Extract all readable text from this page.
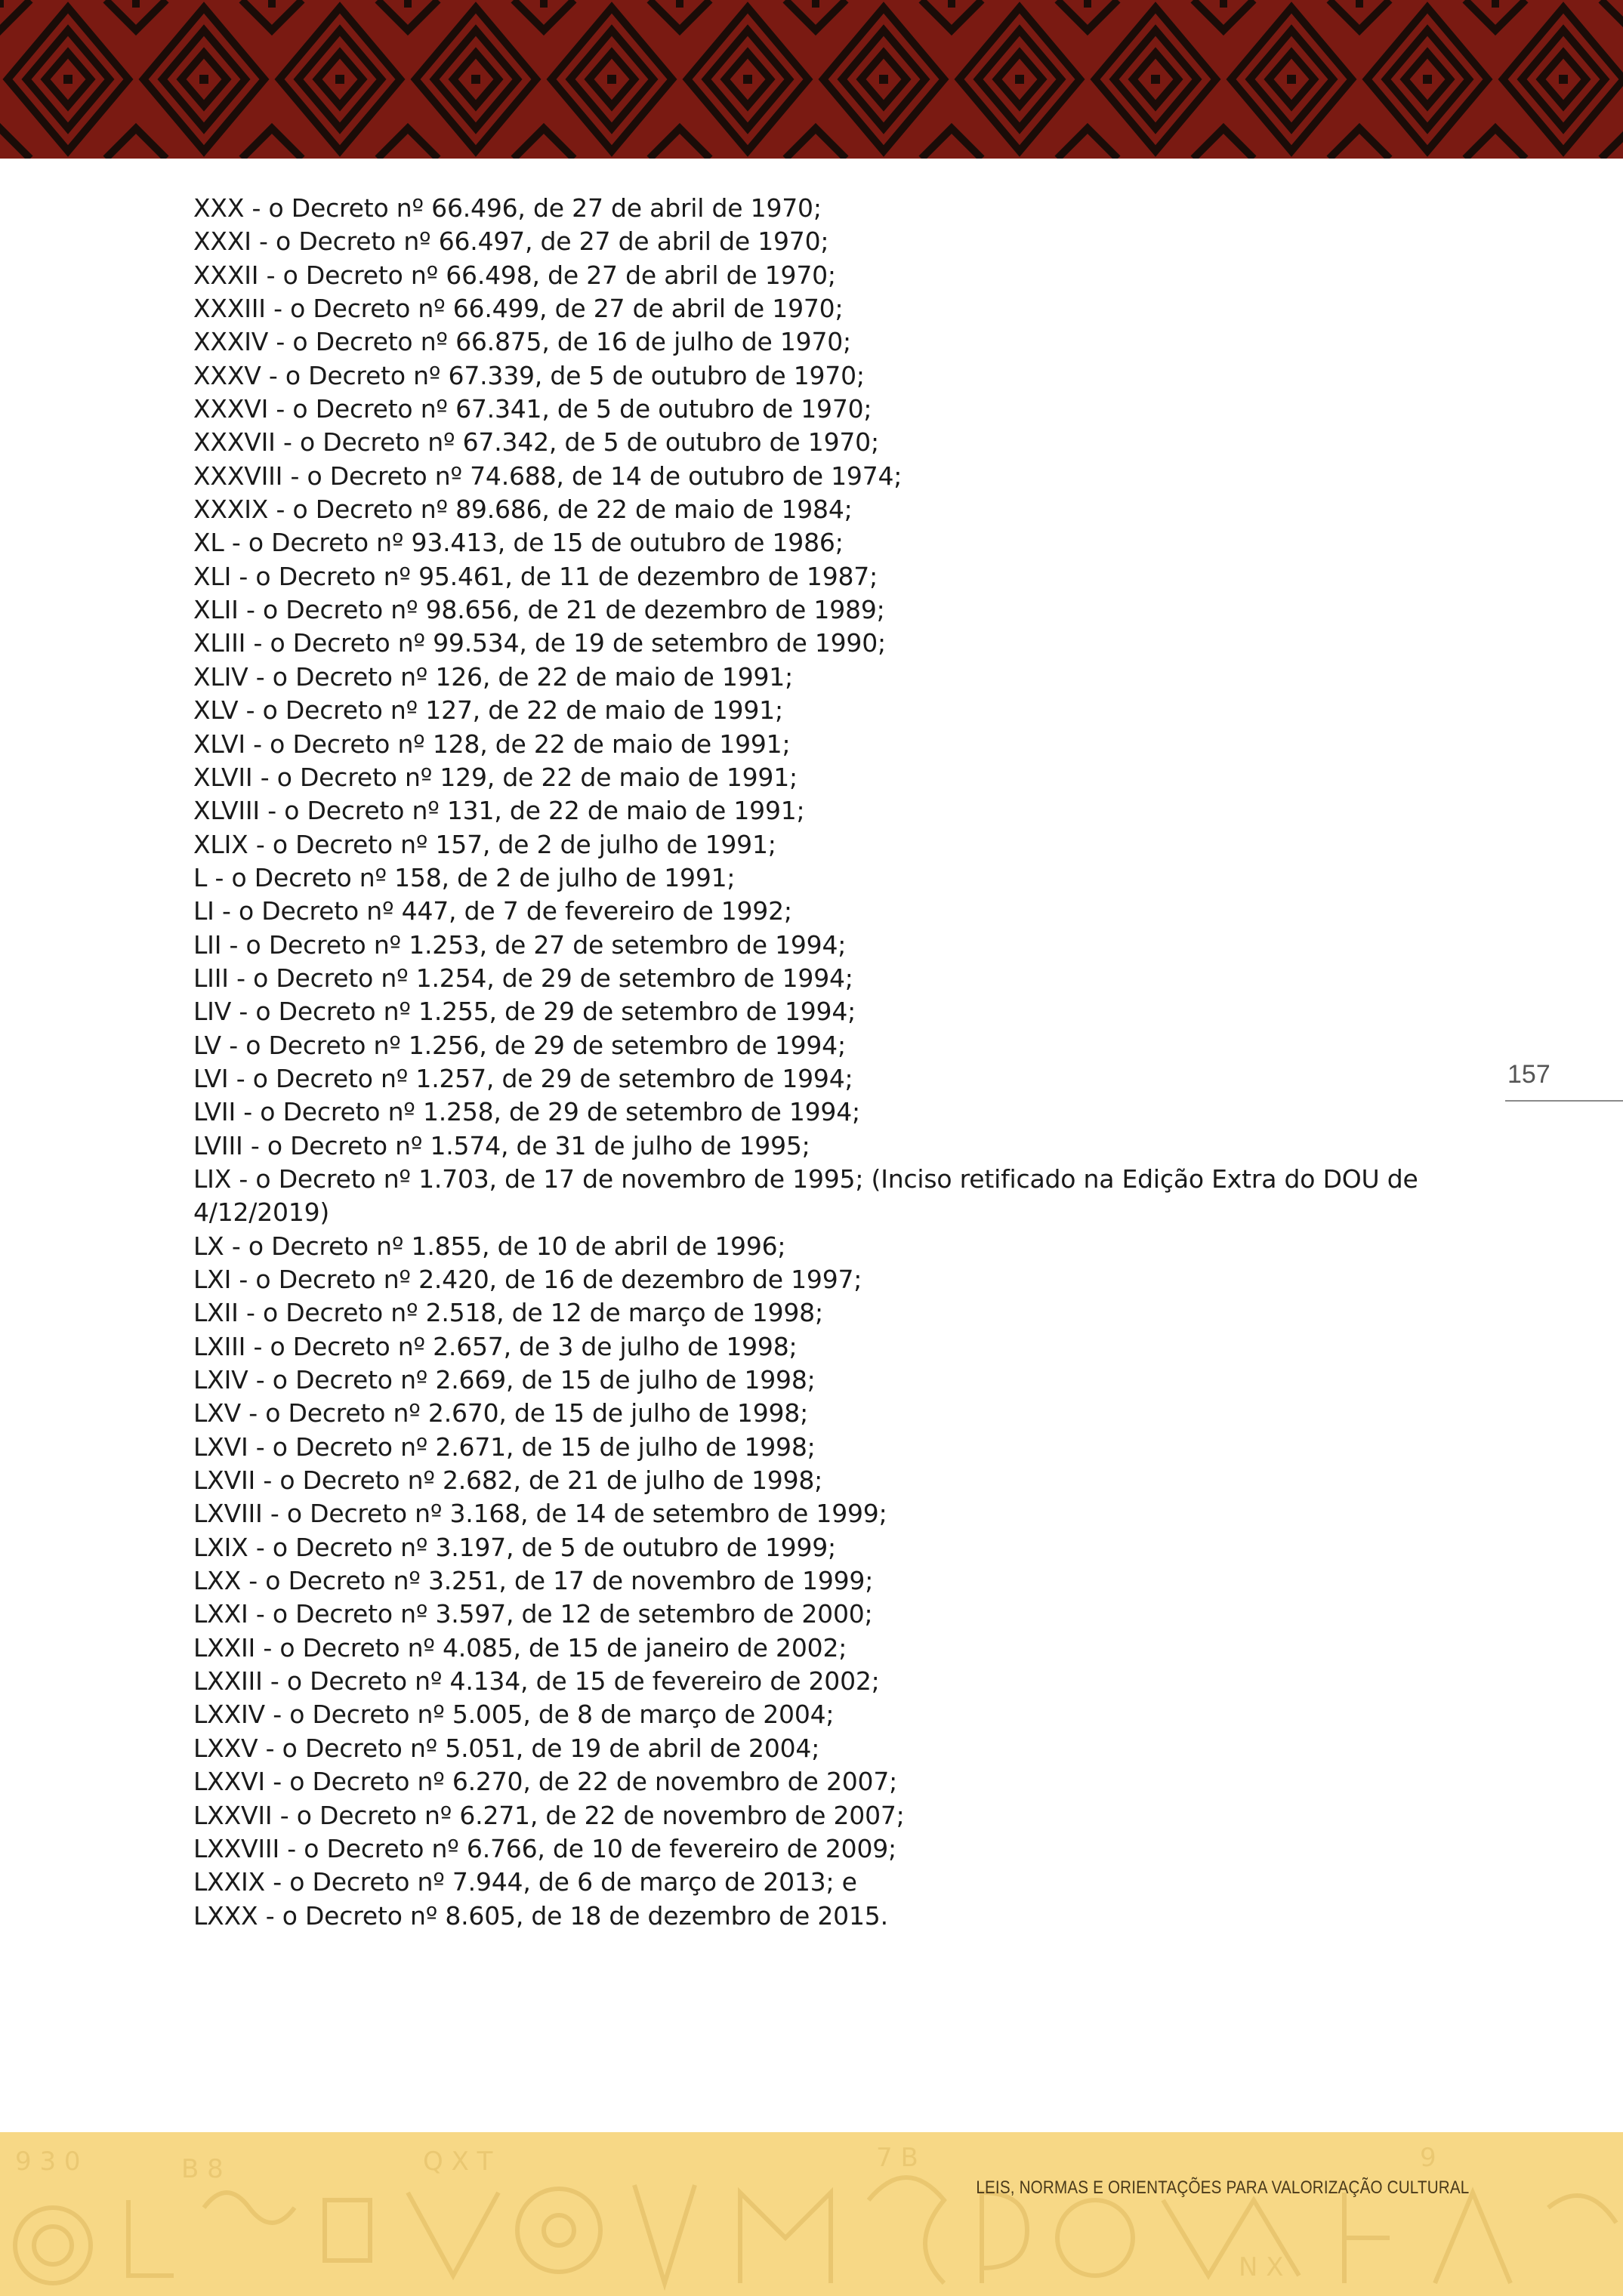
XXX - o Decreto nº 66.496, de 27 de abril de 1970;
XXXI - o Decreto nº 66.497, de 27 de abril de 1970;
XXXII - o Decreto nº 66.498, de 27 de abril de 1970;
XXXIII - o Decreto nº 66.499, de 27 de abril de 1970;
XXXIV - o Decreto nº 66.875, de 16 de julho de 1970;
XXXV - o Decreto nº 67.339, de 5 de outubro de 1970;
XXXVI - o Decreto nº 67.341, de 5 de outubro de 1970;
XXXVII - o Decreto nº 67.342, de 5 de outubro de 1970;
XXXVIII - o Decreto nº 74.688, de 14 de outubro de 1974;
XXXIX - o Decreto nº 89.686, de 22 de maio de 1984;
XL - o Decreto nº 93.413, de 15 de outubro de 1986;
XLI - o Decreto nº 95.461, de 11 de dezembro de 1987;
XLII - o Decreto nº 98.656, de 21 de dezembro de 1989;
XLIII - o Decreto nº 99.534, de 19 de setembro de 1990;
XLIV - o Decreto nº 126, de 22 de maio de 1991;
XLV - o Decreto nº 127, de 22 de maio de 1991;
XLVI - o Decreto nº 128, de 22 de maio de 1991;
XLVII - o Decreto nº 129, de 22 de maio de 1991;
XLVIII - o Decreto nº 131, de 22 de maio de 1991;
XLIX - o Decreto nº 157, de 2 de julho de 1991;
L - o Decreto nº 158, de 2 de julho de 1991;
LI - o Decreto nº 447, de 7 de fevereiro de 1992;
LII - o Decreto nº 1.253, de 27 de setembro de 1994;
LIII - o Decreto nº 1.254, de 29 de setembro de 1994;
LIV - o Decreto nº 1.255, de 29 de setembro de 1994;
LV - o Decreto nº 1.256, de 29 de setembro de 1994;
LVI - o Decreto nº 1.257, de 29 de setembro de 1994;
LVII - o Decreto nº 1.258, de 29 de setembro de 1994;
LVIII - o Decreto nº 1.574, de 31 de julho de 1995;
LIX - o Decreto nº 1.703, de 17 de novembro de 1995; (Inciso retificado na Edição Extra do DOU de 4/12/2019)
LX - o Decreto nº 1.855, de 10 de abril de 1996;
LXI - o Decreto nº 2.420, de 16 de dezembro de 1997;
LXII - o Decreto nº 2.518, de 12 de março de 1998;
LXIII - o Decreto nº 2.657, de 3 de julho de 1998;
LXIV - o Decreto nº 2.669, de 15 de julho de 1998;
LXV - o Decreto nº 2.670, de 15 de julho de 1998;
LXVI - o Decreto nº 2.671, de 15 de julho de 1998;
LXVII - o Decreto nº 2.682, de 21 de julho de 1998;
LXVIII - o Decreto nº 3.168, de 14 de setembro de 1999;
LXIX - o Decreto nº 3.197, de 5 de outubro de 1999;
LXX - o Decreto nº 3.251, de 17 de novembro de 1999;
LXXI - o Decreto nº 3.597, de 12 de setembro de 2000;
LXXII - o Decreto nº 4.085, de 15 de janeiro de 2002;
LXXIII - o Decreto nº 4.134, de 15 de fevereiro de 2002;
LXXIV - o Decreto nº 5.005, de 8 de março de 2004;
LXXV - o Decreto nº 5.051, de 19 de abril de 2004;
LXXVI - o Decreto nº 6.270, de 22 de novembro de 2007;
LXXVII - o Decreto nº 6.271, de 22 de novembro de 2007;
LXXVIII - o Decreto nº 6.766, de 10 de fevereiro de 2009;
LXXIX - o Decreto nº 7.944, de 6 de março de 2013; e
LXXX - o Decreto nº 8.605, de 18 de dezembro de 2015.
157
9 3 0	B 8	Q X T	7 B
N X
9
LEIS, NORMAS E ORIENTAÇÕES PARA VALORIZAÇÃO CULTURAL
